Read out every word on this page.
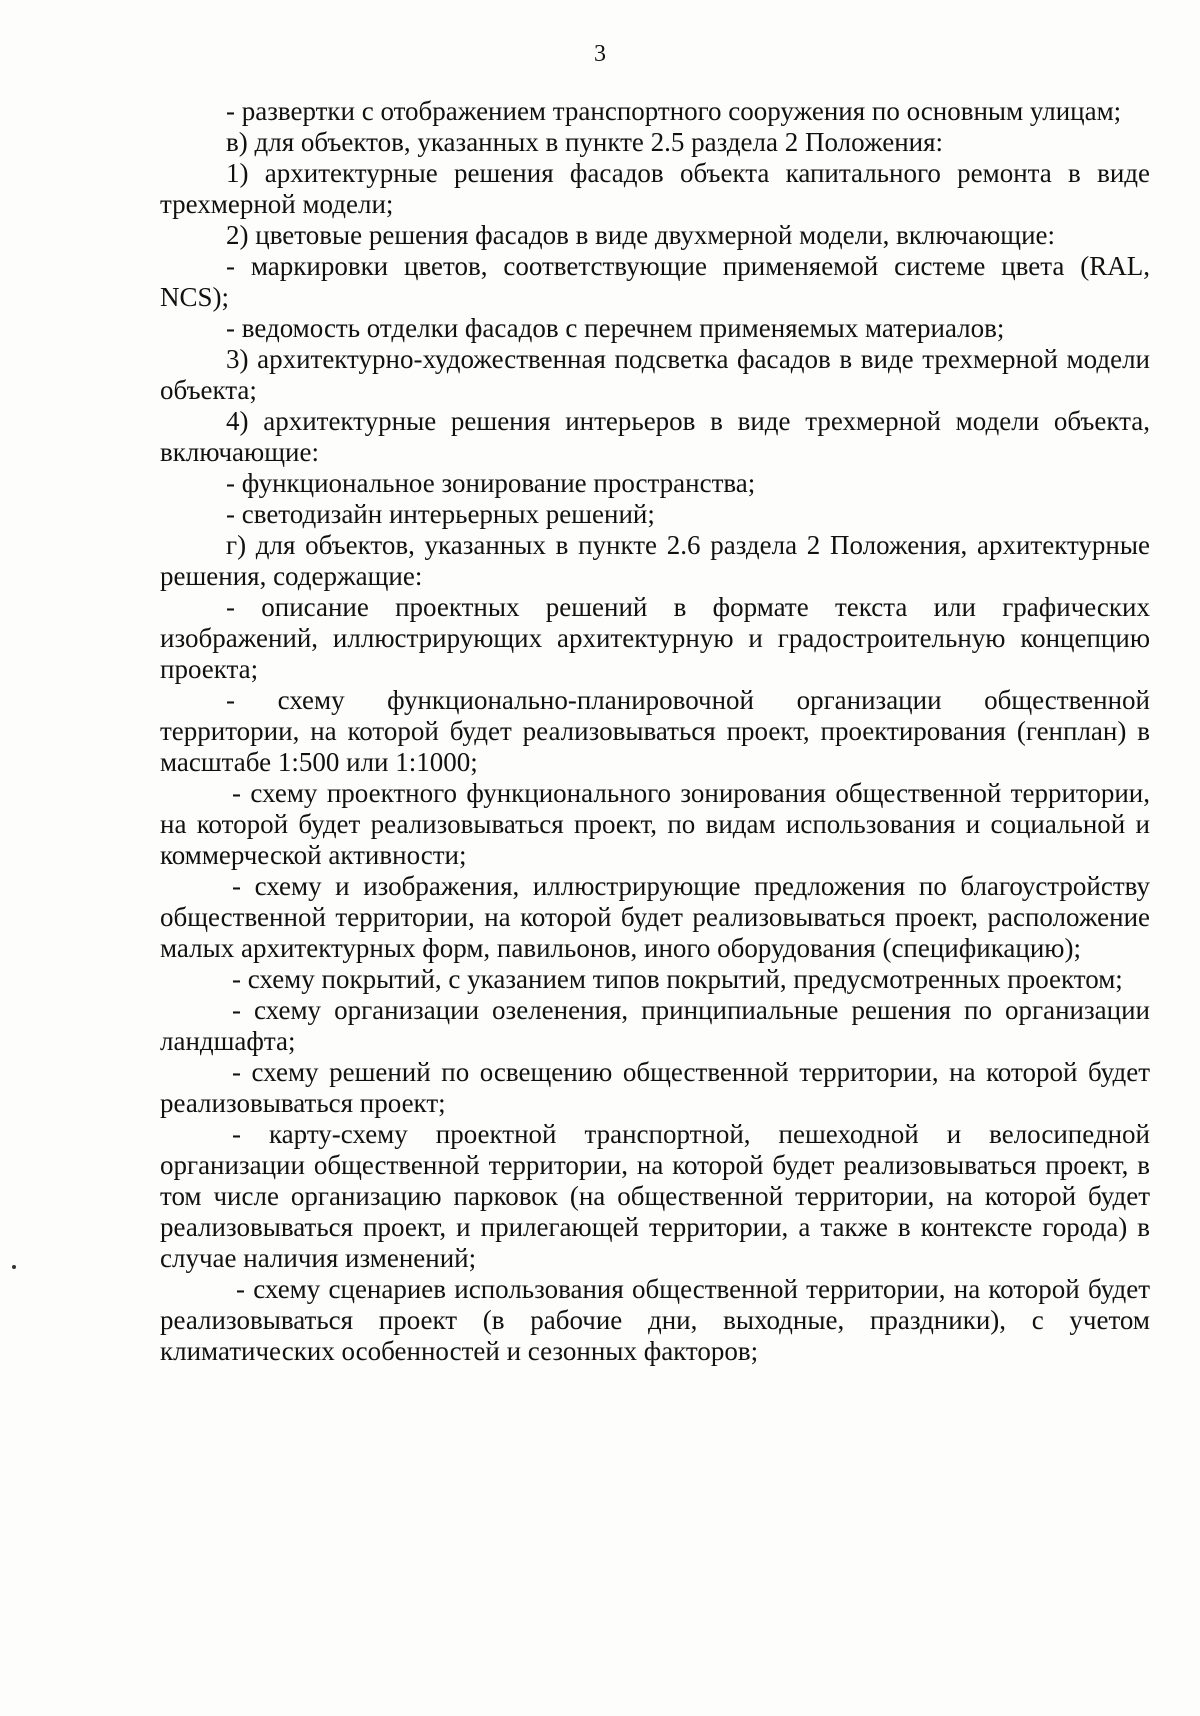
3

- развертки с отображением транспортного сооружения по основным улицам;

в) для объектов, указанных в пункте 2.5 раздела 2 Положения:

1) архитектурные решения фасадов объекта капитального ремонта в виде трехмерной модели;

2) цветовые решения фасадов в виде двухмерной модели, включающие:

- маркировки цветов, соответствующие применяемой системе цвета (RAL, NCS);

- ведомость отделки фасадов с перечнем применяемых материалов;

3) архитектурно-художественная подсветка фасадов в виде трехмерной модели объекта;

4) архитектурные решения интерьеров в виде трехмерной модели объекта, включающие:

- функциональное зонирование пространства;

- светодизайн интерьерных решений;

г) для объектов, указанных в пункте 2.6 раздела 2 Положения, архитектурные решения, содержащие:

- описание проектных решений в формате текста или графических изображений, иллюстрирующих архитектурную и градостроительную концепцию проекта;

- схему функционально-планировочной организации общественной территории, на которой будет реализовываться проект, проектирования (генплан) в масштабе 1:500 или 1:1000;

- схему проектного функционального зонирования общественной территории, на которой будет реализовываться проект, по видам использования и социальной и коммерческой активности;

- схему и изображения, иллюстрирующие предложения по благоустройству общественной территории, на которой будет реализовываться проект, расположение малых архитектурных форм, павильонов, иного оборудования (спецификацию);

- схему покрытий, с указанием типов покрытий, предусмотренных проектом;

- схему организации озеленения, принципиальные решения по организации ландшафта;

- схему решений по освещению общественной территории, на которой будет реализовываться проект;

- карту-схему проектной транспортной, пешеходной и велосипедной организации общественной территории, на которой будет реализовываться проект, в том числе организацию парковок (на общественной территории, на которой будет реализовываться проект, и прилегающей территории, а также в контексте города) в случае наличия изменений;

- схему сценариев использования общественной территории, на которой будет реализовываться проект (в рабочие дни, выходные, праздники), с учетом климатических особенностей и сезонных факторов;
